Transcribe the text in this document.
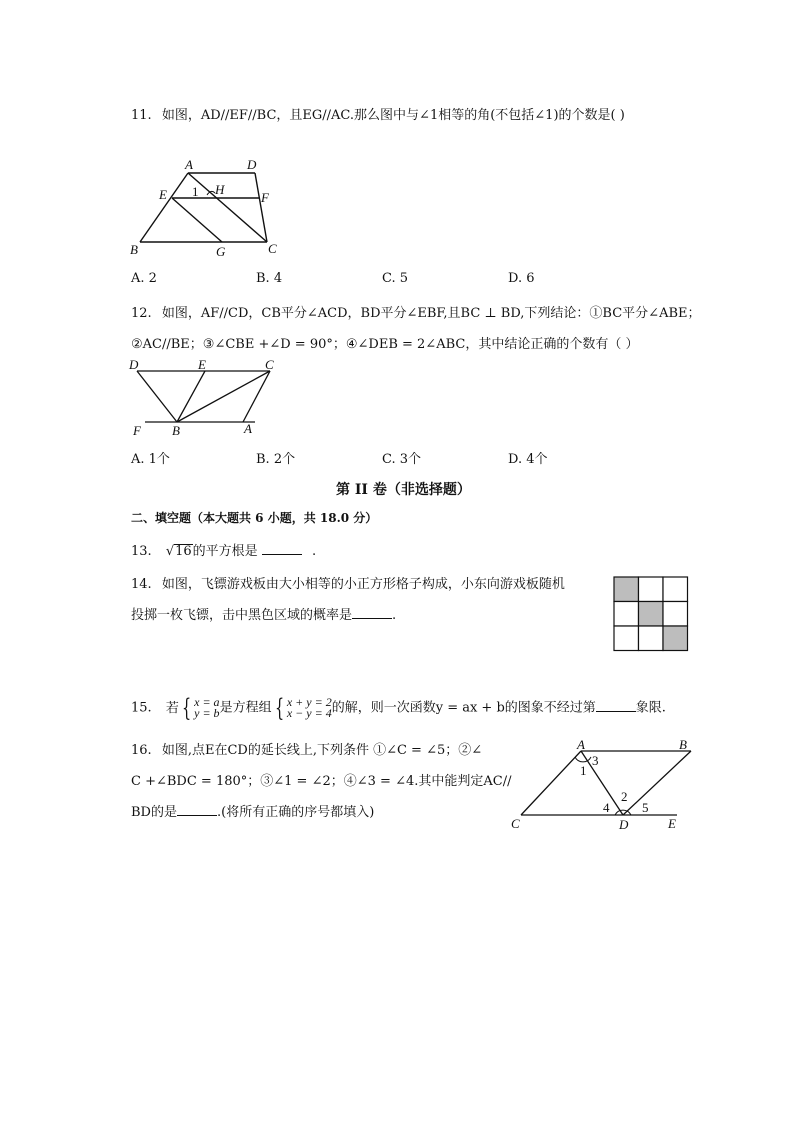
11. 如图，AD//EF//BC，且EG//AC.那么图中与∠1相等的角(不包括∠1)的个数是( )
A	D
E 1 H
F
B	G	C
A. 2	B. 4	C. 5	D. 6
12. 如图，AF//CD，CB平分∠ACD，BD平分∠EBF,且BC ⊥ BD,下列结论：①BC平分∠ABE；
②AC//BE；③∠CBE +∠D = 90°；④∠DEB = 2∠ABC，其中结论正确的个数有（ ）
D	E	C
F B	A
A. 1个	B. 2个	C. 3个	D. 4个
第 II 卷（非选择题）
二、填空题（本大题共 6 小题，共 18.0 分）
13. √16的平方根是	.
14. 如图，飞镖游戏板由大小相等的小正方形格子构成，小东向游戏板随机
投掷一枚飞镖，击中黑色区域的概率是	.
15. 若 { x = a
y = b是方程组 { x + y = 2
x − y = 4的解，则一次函数y = ax + b的图象不经过第	象限.
16. 如图,点E在CD的延长线上,下列条件 ①∠C = ∠5；②∠
C +∠BDC = 180°；③∠1 = ∠2；④∠3 = ∠4.其中能判定AC//
BD的是	.(将所有正确的序号都填入)
A	B
C	D	E
1
2
3
4	5
